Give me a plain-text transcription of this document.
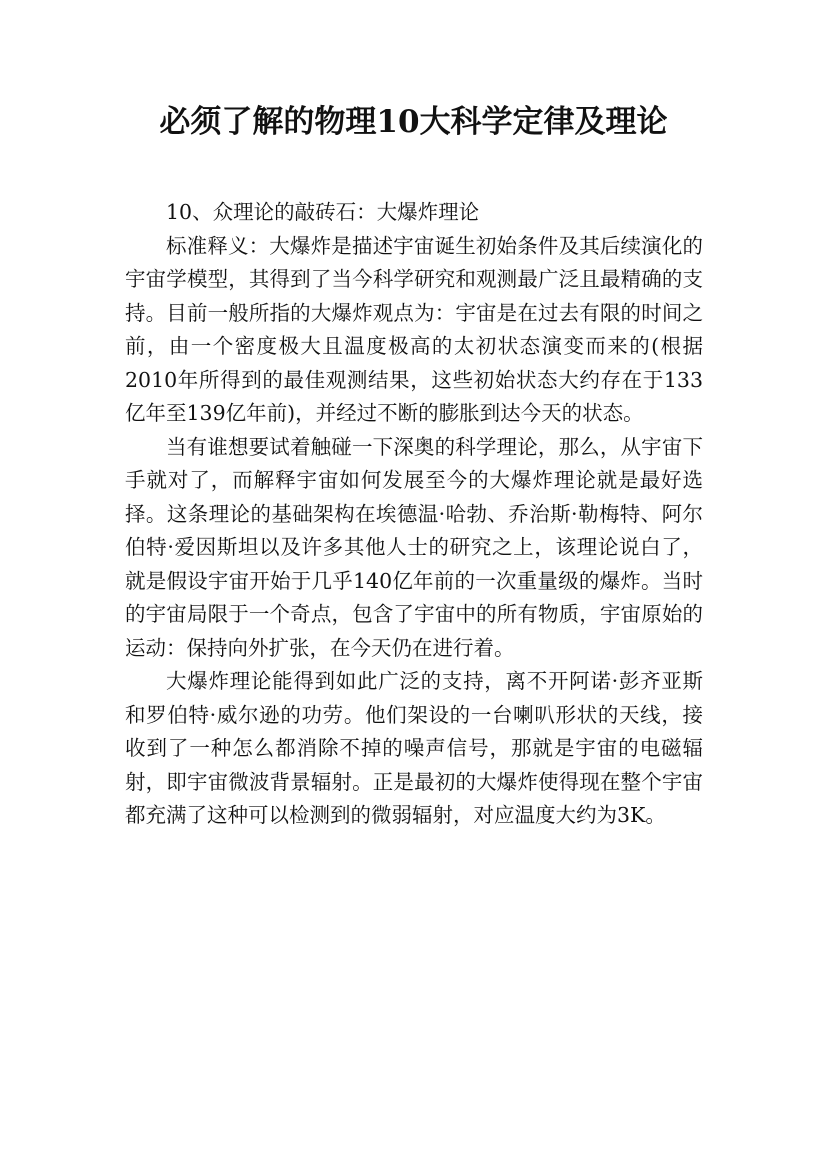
必须了解的物理10大科学定律及理论

10、众理论的敲砖石：大爆炸理论

标准释义：大爆炸是描述宇宙诞生初始条件及其后续演化的宇宙学模型，其得到了当今科学研究和观测最广泛且最精确的支持。目前一般所指的大爆炸观点为：宇宙是在过去有限的时间之前，由一个密度极大且温度极高的太初状态演变而来的(根据2010年所得到的最佳观测结果，这些初始状态大约存在于133亿年至139亿年前)，并经过不断的膨胀到达今天的状态。

当有谁想要试着触碰一下深奥的科学理论，那么，从宇宙下手就对了，而解释宇宙如何发展至今的大爆炸理论就是最好选择。这条理论的基础架构在埃德温·哈勃、乔治斯·勒梅特、阿尔伯特·爱因斯坦以及许多其他人士的研究之上，该理论说白了，就是假设宇宙开始于几乎140亿年前的一次重量级的爆炸。当时的宇宙局限于一个奇点，包含了宇宙中的所有物质，宇宙原始的运动：保持向外扩张，在今天仍在进行着。

大爆炸理论能得到如此广泛的支持，离不开阿诺·彭齐亚斯和罗伯特·威尔逊的功劳。他们架设的一台喇叭形状的天线，接收到了一种怎么都消除不掉的噪声信号，那就是宇宙的电磁辐射，即宇宙微波背景辐射。正是最初的大爆炸使得现在整个宇宙都充满了这种可以检测到的微弱辐射，对应温度大约为3K。
